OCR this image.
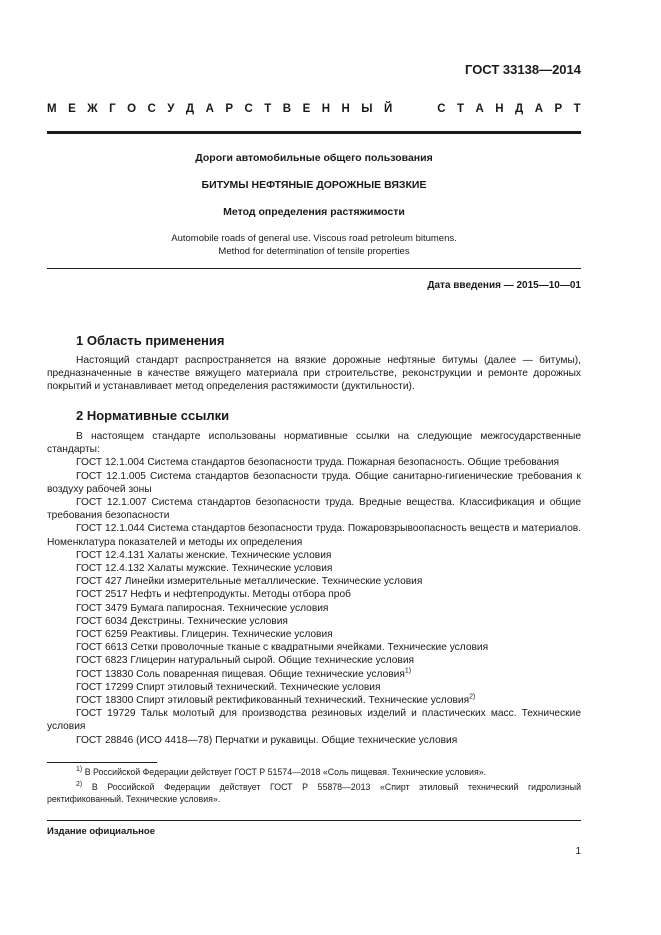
ГОСТ 33138—2014
М Е Ж Г О С У Д А Р С Т В Е Н Н Ы Й	С Т А Н Д А Р Т
Дороги автомобильные общего пользования
БИТУМЫ НЕФТЯНЫЕ ДОРОЖНЫЕ ВЯЗКИЕ
Метод определения растяжимости
Automobile roads of general use. Viscous road petroleum bitumens.
Method for determination of tensile properties
Дата введения — 2015—10—01
1 Область применения

Настоящий стандарт распространяется на вязкие дорожные нефтяные битумы (далее — битумы), предназначенные в качестве вяжущего материала при строительстве, реконструкции и ремонте дорожных покрытий и устанавливает метод определения растяжимости (дуктильности).

2 Нормативные ссылки

В настоящем стандарте использованы нормативные ссылки на следующие межгосударственные стандарты:

ГОСТ 12.1.004 Система стандартов безопасности труда. Пожарная безопасность. Общие требования

ГОСТ 12.1.005 Система стандартов безопасности труда. Общие санитарно-гигиенические требования к воздуху рабочей зоны

ГОСТ 12.1.007 Система стандартов безопасности труда. Вредные вещества. Классификация и общие требования безопасности

ГОСТ 12.1.044 Система стандартов безопасности труда. Пожаровзрывоопасность веществ и материалов. Номенклатура показателей и методы их определения

ГОСТ 12.4.131 Халаты женские. Технические условия

ГОСТ 12.4.132 Халаты мужские. Технические условия

ГОСТ 427 Линейки измерительные металлические. Технические условия

ГОСТ 2517 Нефть и нефтепродукты. Методы отбора проб

ГОСТ 3479 Бумага папиросная. Технические условия

ГОСТ 6034 Декстрины. Технические условия

ГОСТ 6259 Реактивы. Глицерин. Технические условия

ГОСТ 6613 Сетки проволочные тканые с квадратными ячейками. Технические условия

ГОСТ 6823 Глицерин натуральный сырой. Общие технические условия

ГОСТ 13830 Соль поваренная пищевая. Общие технические условия$^{1)}$

ГОСТ 17299 Спирт этиловый технический. Технические условия

ГОСТ 18300 Спирт этиловый ректификованный технический. Технические условия$^{2)}$

ГОСТ 19729 Тальк молотый для производства резиновых изделий и пластических масс. Технические условия

ГОСТ 28846 (ИСО 4418—78) Перчатки и рукавицы. Общие технические условия

$^{1)}$ В Российской Федерации действует ГОСТ Р 51574—2018 «Соль пищевая. Технические условия».

$^{2)}$ В Российской Федерации действует ГОСТ Р 55878—2013 «Спирт этиловый технический гидролизный ректификованный. Технические условия».

Издание официальное
1
